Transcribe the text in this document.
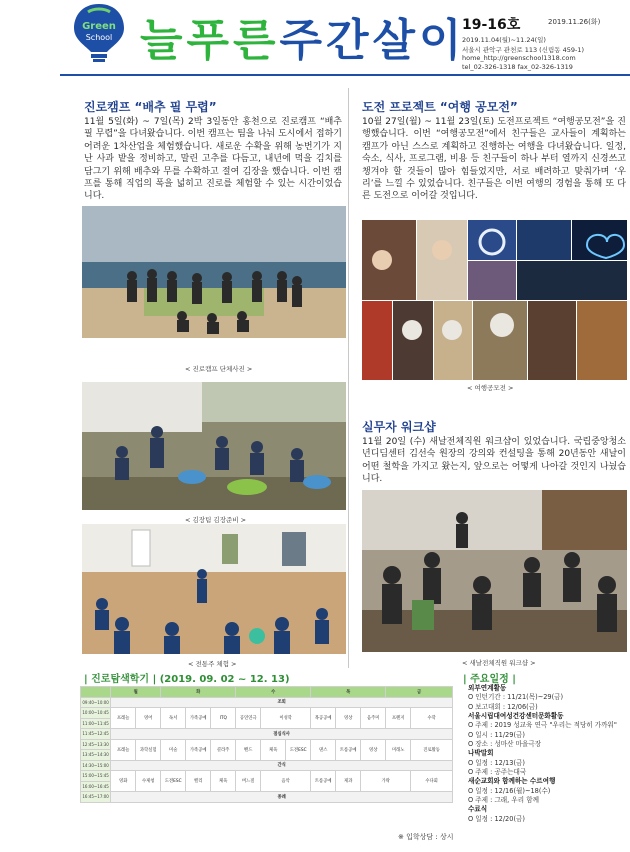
Green
School 늘푸른주간살이
19-16호	2019.11.26(화)
2019.11.04(월)~11.24(일)
서울시 관악구 관천로 113 (신림동 459-1)
home_http://greenschool1318.com
tel_02-326-1318 fax_02-326-1319
진로캠프 “배추 필 무렵”
11월 5일(화) ~ 7일(목) 2박 3일동안 홍천으로 진로캠프 “배추 필 무렵”을 다녀왔습니다. 이번 캠프는 팀을 나눠 도시에서 접하기 어려운 1차산업을 체험했습니다. 새로운 수확을 위해 농번기가 지난 사과 밭을 정비하고, 말린 고추를 다듬고, 내년에 먹을 김치를 담그기 위해 배추와 무를 수확하고 절여 김장을 했습니다. 이번 캠프를 통해 직업의 폭을 넓히고 진로를 체험할 수 있는 시간이었습니다.
< 진로캠프 단체사진 >
< 김장팀 김장준비 >
< 전통주 체험 >
도전 프로젝트 “여행 공모전”
10월 27일(월) ~ 11월 23일(토) 도전프로젝트 “여행공모전”을 진행했습니다. 이번 “여행공모전”에서 친구들은 교사들이 계획하는 캠프가 아닌 스스로 계획하고 진행하는 여행을 다녀왔습니다. 일정, 숙소, 식사, 프로그램, 비용 등 친구들이 하나 부터 열까지 신경쓰고 챙겨야 할 것들이 많아 힘들었지만, 서로 배려하고 맞춰가며 ‘우리’를 느낄 수 있었습니다. 친구들은 이번 여행의 경험을 통해 또 다른 도전으로 이어갈 것입니다.
< 여행공모전 >
실무자 워크샵
11월 20일 (수) 새날전체직원 워크샵이 있었습니다. 국립중앙청소년디딤센터 김선숙 원장의 강의와 컨설팅을 통해 20년동안 새날이 어떤 철학을 가지고 왔는지, 앞으로는 어떻게 나아갈 것인지 나눴습니다.
< 새날전체직원 워크샵 >
| 진로탐색학기 | (2019. 09. 02 ~ 12. 13)
	월		화			수			목			금	
09:40~10:00	조회												
10:00~10:45	프레늘	영어	독서	가족공예	ITQ	공연연극	이성학		목공공예	영상	음주미	프렌지	수학
11:00~11:45													
11:45~12:45	점심식사												
12:45~13:30	프레늘	과학실험	미술	가족공예	콜라주	밴드	체육	도전ESC	댄스	트롬공예	영상	미래노	진로활동
13:45~14:30													
14:30~15:00	간식												
15:00~15:45	영화	수제청	도전ESC	밸리	체육	버느질	음악		트롬공예	제과	가락		수다회
16:00~16:45													
16:45~17:00	종례												
※ 입학상담 : 상시
| 주요일정 |
외부연계활동
O 인턴기간 : 11/21(목)~29(금)
O 보고대회 : 12/06(금)
서울시립대여성건강센터문화활동
O 주제 : 2019 성교육 연극 "우리는 적당히 가까워"
O 일시 : 11/29(금)
O 장소 : 성마산 마을극장
나박말회
O 일정 : 12/13(금)
O 주제 : 공주는대국
새순교회와 함께하는 수르여행
O 일정 : 12/16(월)~18(수)
O 주제 : 그래, 우리 함께
수료식
O 일정 : 12/20(금)
